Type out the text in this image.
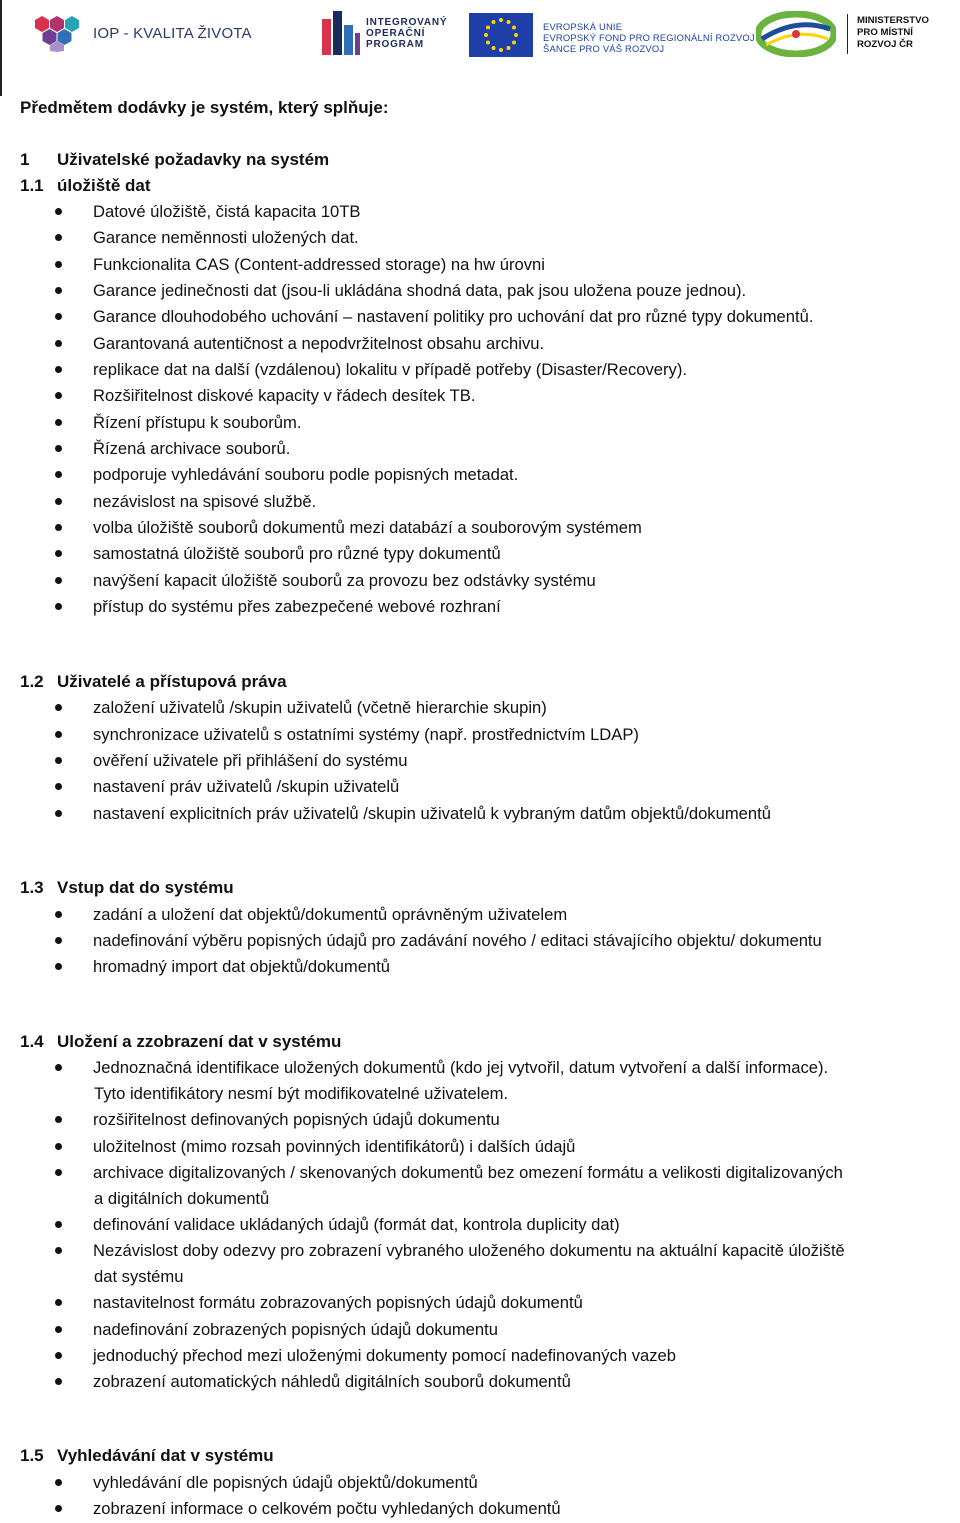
IOP - KVALITA ŽIVOTA
INTEGROVANÝ
OPERAČNÍ
PROGRAM
EVROPSKÁ UNIE
EVROPSKÝ FOND PRO REGIONÁLNÍ ROZVOJ
ŠANCE PRO VÁŠ ROZVOJ
MINISTERSTVO
PRO MÍSTNÍ
ROZVOJ ČR
Předmětem dodávky je systém, který splňuje:
1 Uživatelské požadavky na systém
1.1 úložiště dat
Datové úložiště, čistá kapacita 10TB
Garance neměnnosti uložených dat.
Funkcionalita CAS (Content-addressed storage) na hw úrovni
Garance jedinečnosti dat (jsou-li ukládána shodná data, pak jsou uložena pouze jednou).
Garance dlouhodobého uchování – nastavení politiky pro uchování dat pro různé typy dokumentů.
Garantovaná autentičnost a nepodvržitelnost obsahu archivu.
replikace dat na další (vzdálenou) lokalitu v případě potřeby (Disaster/Recovery).
Rozšiřitelnost diskové kapacity v řádech desítek TB.
Řízení přístupu k souborům.
Řízená archivace souborů.
podporuje vyhledávání souboru podle popisných metadat.
nezávislost na spisové službě.
volba úložiště souborů dokumentů mezi databází a souborovým systémem
samostatná úložiště souborů pro různé typy dokumentů
navýšení kapacit úložiště souborů za provozu bez odstávky systému
přístup do systému přes zabezpečené webové rozhraní
1.2 Uživatelé a přístupová práva
založení uživatelů /skupin uživatelů (včetně hierarchie skupin)
synchronizace uživatelů s ostatními systémy (např. prostřednictvím LDAP)
ověření uživatele při přihlášení do systému
nastavení práv uživatelů /skupin uživatelů
nastavení explicitních práv uživatelů /skupin uživatelů k vybraným datům objektů/dokumentů
1.3 Vstup dat do systému
zadání a uložení dat objektů/dokumentů oprávněným uživatelem
nadefinování výběru popisných údajů pro zadávání nového / editaci stávajícího objektu/ dokumentu
hromadný import dat objektů/dokumentů
1.4 Uložení a zzobrazení dat v systému
Jednoznačná identifikace uložených dokumentů (kdo jej vytvořil, datum vytvoření a další informace).
Tyto identifikátory nesmí být modifikovatelné uživatelem.
rozšiřitelnost definovaných popisných údajů dokumentu
uložitelnost (mimo rozsah povinných identifikátorů) i dalších údajů
archivace digitalizovaných / skenovaných dokumentů bez omezení formátu a velikosti digitalizovaných
a digitálních dokumentů
definování validace ukládaných údajů (formát dat, kontrola duplicity dat)
Nezávislost doby odezvy pro zobrazení vybraného uloženého dokumentu na aktuální kapacitě úložiště
dat systému
nastavitelnost formátu zobrazovaných popisných údajů dokumentů
nadefinování zobrazených popisných údajů dokumentu
jednoduchý přechod mezi uloženými dokumenty pomocí nadefinovaných vazeb
zobrazení automatických náhledů digitálních souborů dokumentů
1.5 Vyhledávání dat v systému
vyhledávání dle popisných údajů objektů/dokumentů
zobrazení informace o celkovém počtu vyhledaných dokumentů
